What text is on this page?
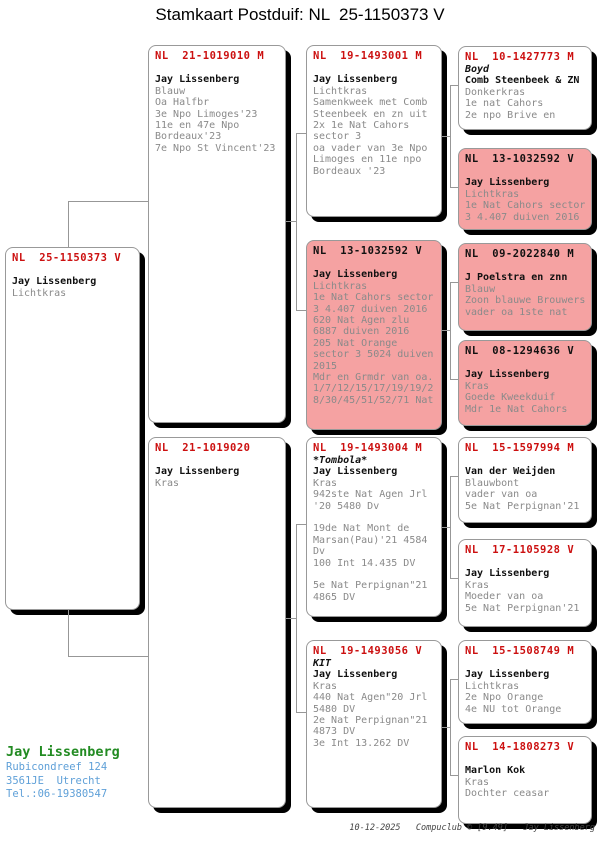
Stamkaart Postduif: NL  25-1150373 V
NL  25-1150373 V
Jay Lissenberg
Lichtkras
NL  21-1019010 M
Jay Lissenberg
Blauw
Oa Halfbr
3e Npo Limoges'23
11e en 47e Npo
Bordeaux'23
7e Npo St Vincent'23
NL  21-1019020
Jay Lissenberg
Kras
NL  19-1493001 M
Jay Lissenberg
Lichtkras
Samenkweek met Comb
Steenbeek en zn uit
2x 1e Nat Cahors
sector 3
oa vader van 3e Npo
Limoges en 11e npo
Bordeaux '23
NL  13-1032592 V
Jay Lissenberg
Lichtkras
1e Nat Cahors sector
3 4.407 duiven 2016
620 Nat Agen zlu
6887 duiven 2016
205 Nat Orange
sector 3 5024 duiven
2015
Mdr en Grmdr van oa.
1/7/12/15/17/19/19/2
8/30/45/51/52/71 Nat
NL  19-1493004 M
*Tombola*
Jay Lissenberg
Kras
942ste Nat Agen Jrl
'20 5480 Dv
19de Nat Mont de
Marsan(Pau)'21 4584
Dv
100 Int 14.435 DV
5e Nat Perpignan"21
4865 DV
NL  19-1493056 V
KIT
Jay Lissenberg
Kras
440 Nat Agen"20 Jrl
5480 DV
2e Nat Perpignan"21
4873 DV
3e Int 13.262 DV
NL  10-1427773 M
Boyd
Comb Steenbeek & ZN
Donkerkras
1e nat Cahors
2e npo Brive en
NL  13-1032592 V
Jay Lissenberg
Lichtkras
1e Nat Cahors sector
3 4.407 duiven 2016
NL  09-2022840 M
J Poelstra en znn
Blauw
Zoon blauwe Brouwers
vader oa 1ste nat
NL  08-1294636 V
Jay Lissenberg
Kras
Goede Kweekduif
Mdr 1e Nat Cahors
NL  15-1597994 M
Van der Weijden
Blauwbont
vader van oa
5e Nat Perpignan'21
NL  17-1105928 V
Jay Lissenberg
Kras
Moeder van oa
5e Nat Perpignan'21
NL  15-1508749 M
Jay Lissenberg
Lichtkras
2e Npo Orange
4e NU tot Orange
NL  14-1808273 V
Marlon Kok
Kras
Dochter ceasar
Jay Lissenberg
Rubicondreef 124
3561JE  Utrecht
Tel.:06-19380547
10-12-2025   Compuclub © [9.49]   Jay Lissenberg
